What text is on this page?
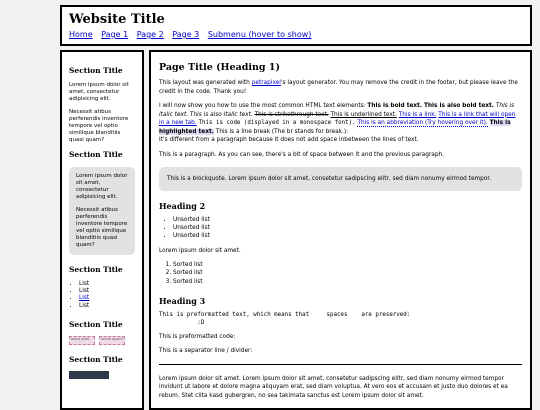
Website Title
Home Page 1 Page 2 Page 3 Submenu (hover to show)
Section Title

Lorem ipsum dolor sit amet, consectetur adipisicing elit.

Necessit atibus perferendis inventore tempore vel optio similique blanditiis quasi quam?

Section Title

Lorem ipsum dolor sit amet, consectetur adipisicing elit.

Necessit atibus perferendis inventore tempore vel optio similique blanditiis quasi quam?

Section Title
• List
• List
• List
• List
Section Title
extra pixel	lorem ipsum
Section Title
Page Title (Heading 1)

This layout was generated with petrapixel's layout generator. You may remove the credit in the footer, but please leave the credit in the code. Thank you!

I will now show you how to use the most common HTML text elements: This is bold text. This is also bold text. This is italic text. This is also italic text. This is strikethrough text. This is underlined text. This is a link. This is a link that will open in a new tab. This is code (displayed in a monospace font). This is an abbreviation (Try hovering over it). This is highlighted text. This is a line break (The br stands for break.):
It's different from a paragraph because it does not add space inbetween the lines of text.

This is a paragraph. As you can see, there's a bit of space between it and the previous paragraph.

This is a blockquote. Lorem ipsum dolor sit amet, consetetur sadipscing elitr, sed diam nonumy eirmod tempor.
Heading 2
• Unsorted list
• Unsorted list
• Unsorted list

Lorem ipsum dolor sit amet.

1. Sorted list
2. Sorted list
3. Sorted list
Heading 3
This is preformatted text, which means that     spaces    are preserved:
:D

This is preformatted code:

This is a separator line / divider:

Lorem ipsum dolor sit amet. Lorem ipsum dolor sit amet, consetetur sadipscing elitr, sed diam nonumy eirmod tempor invidunt ut labore et dolore magna aliquyam erat, sed diam voluptua. At vero eos et accusam et justo duo dolores et ea rebum. Stet clita kasd gubergren, no sea takimata sanctus est Lorem ipsum dolor sit amet.
